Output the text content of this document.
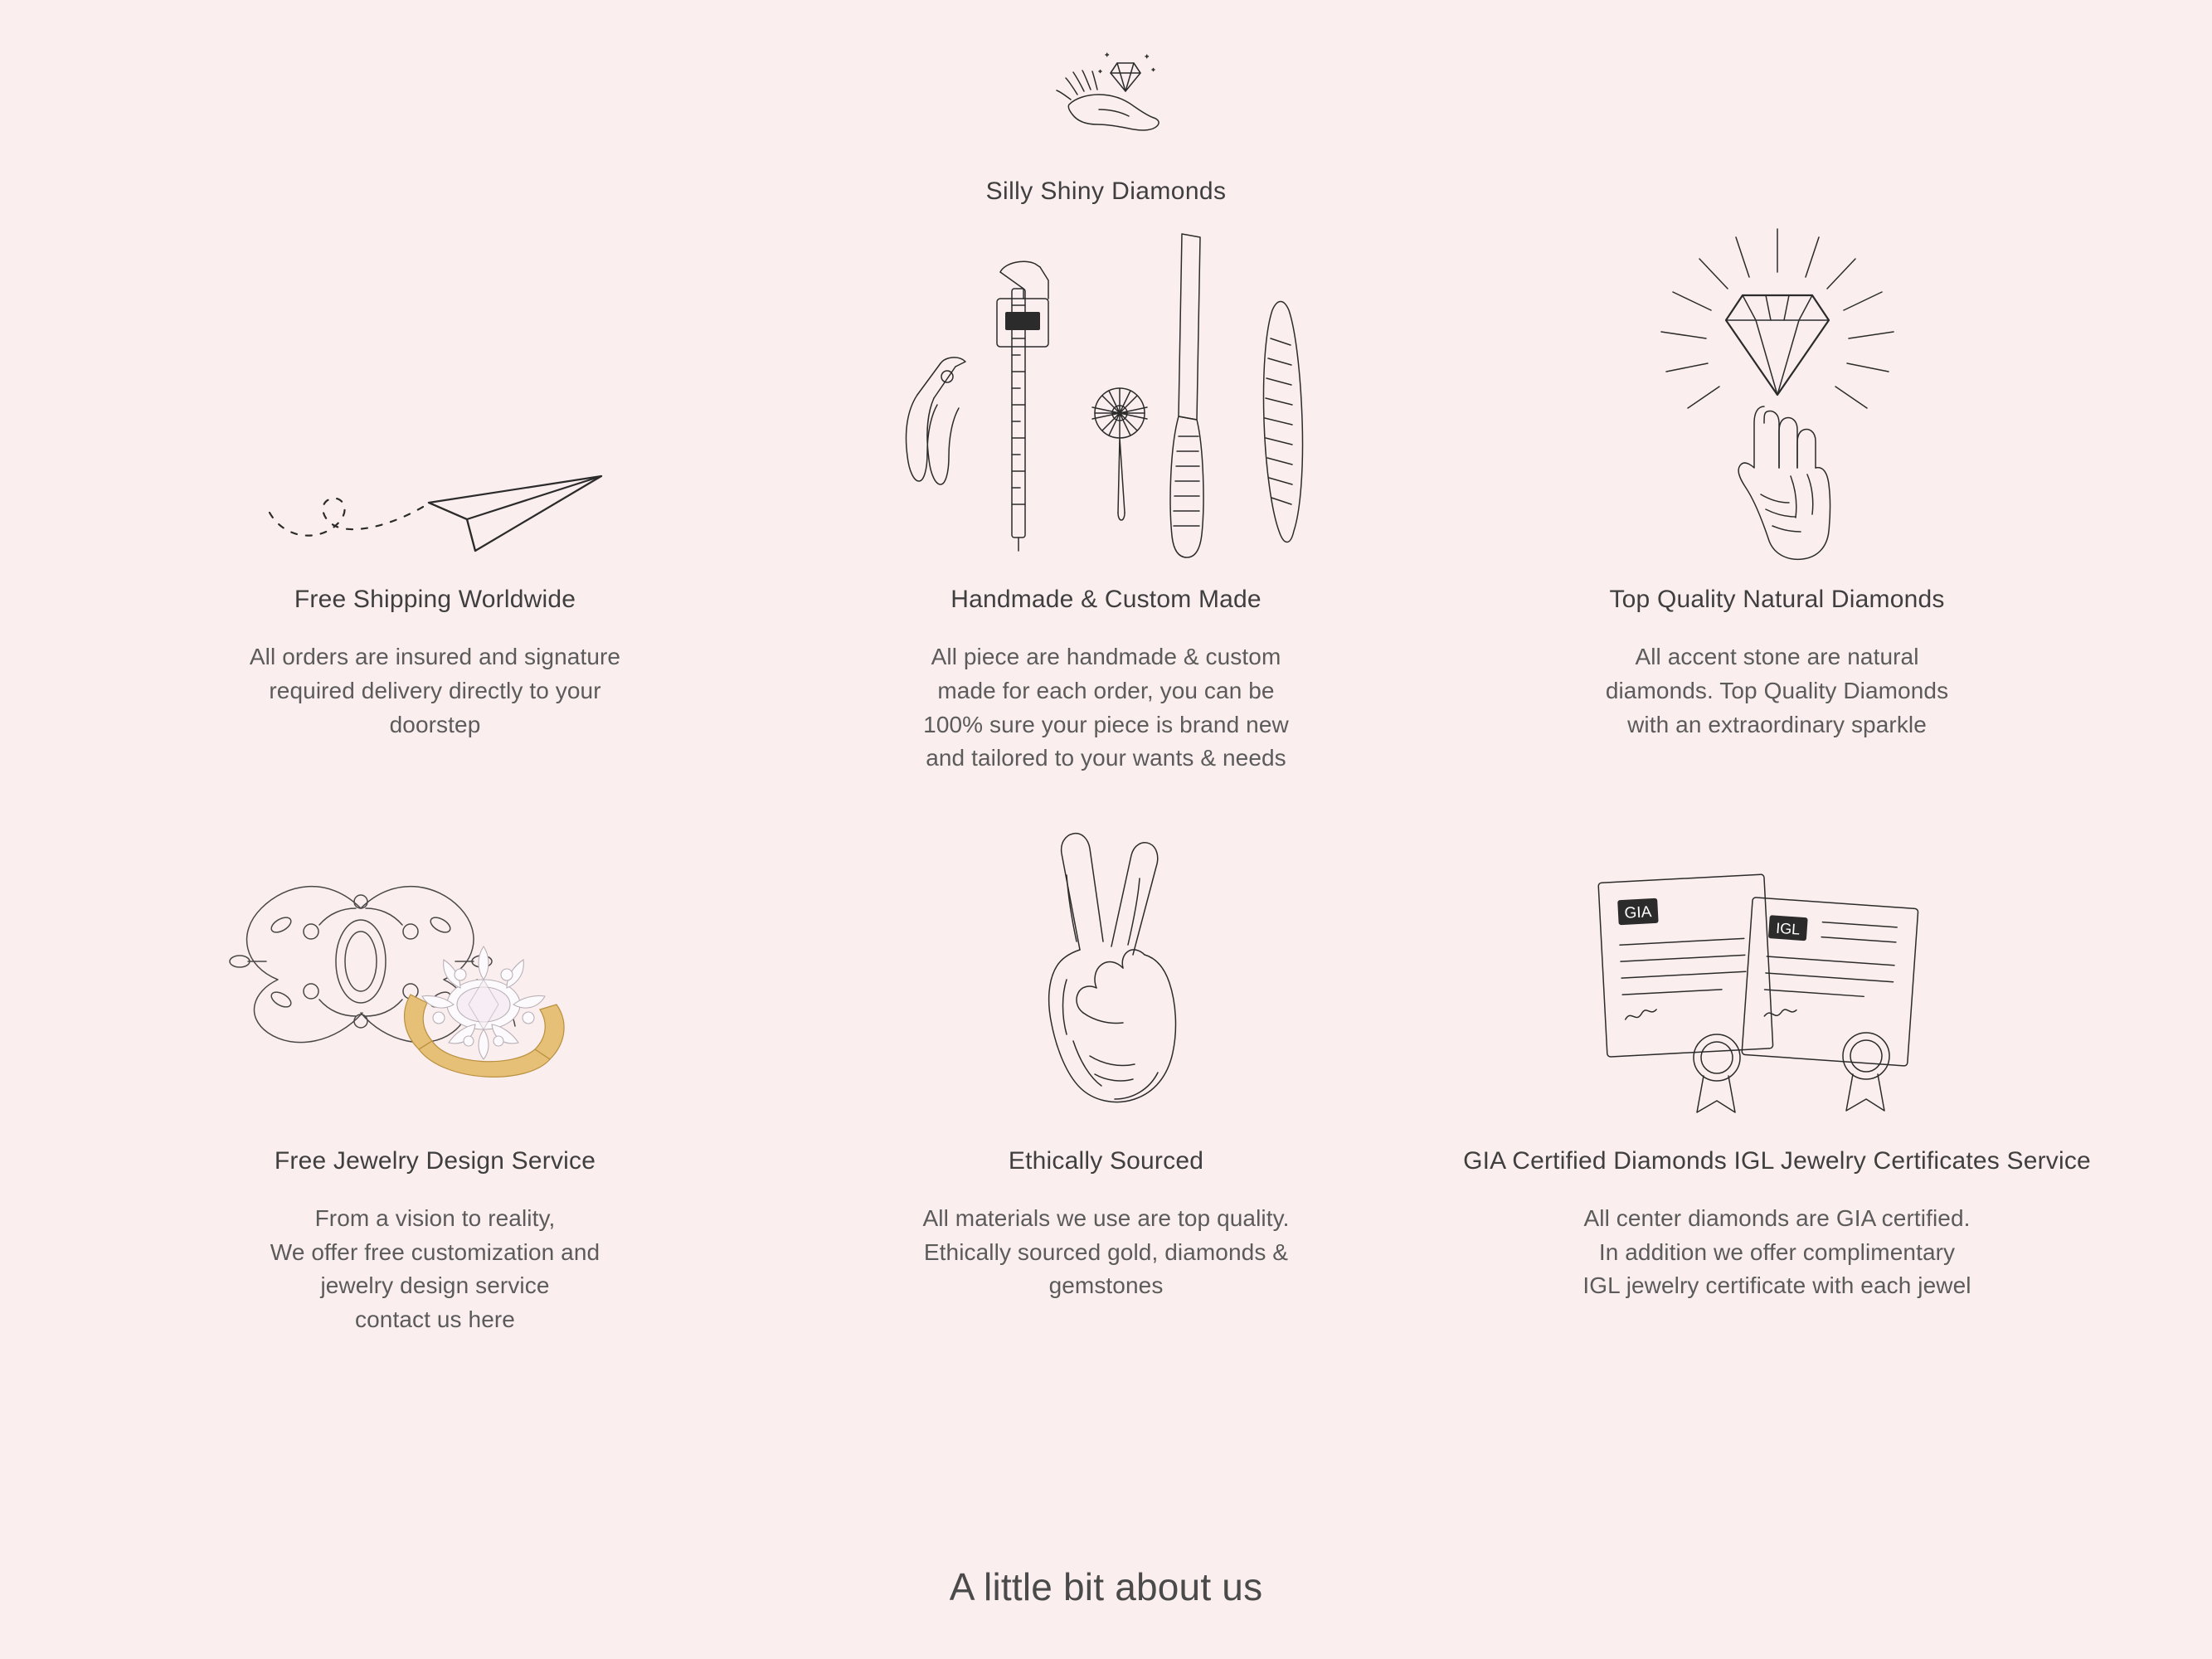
Silly Shiny Diamonds
Free Shipping Worldwide
All orders are insured and signature
required delivery directly to your
doorstep
Handmade & Custom Made
All piece are handmade & custom
made for each order, you can be
100% sure your piece is brand new
and tailored to your wants & needs
Top Quality Natural Diamonds
All accent stone are natural
diamonds. Top Quality Diamonds
with an extraordinary sparkle
Free Jewelry Design Service
From a vision to reality,
We offer free customization and
jewelry design service
contact us here
Ethically Sourced
All materials we use are top quality.
Ethically sourced gold, diamonds &
gemstones
GIA
IGL
GIA Certified Diamonds IGL Jewelry Certificates Service
All center diamonds are GIA certified.
In addition we offer complimentary
IGL jewelry certificate with each jewel
A little bit about us
